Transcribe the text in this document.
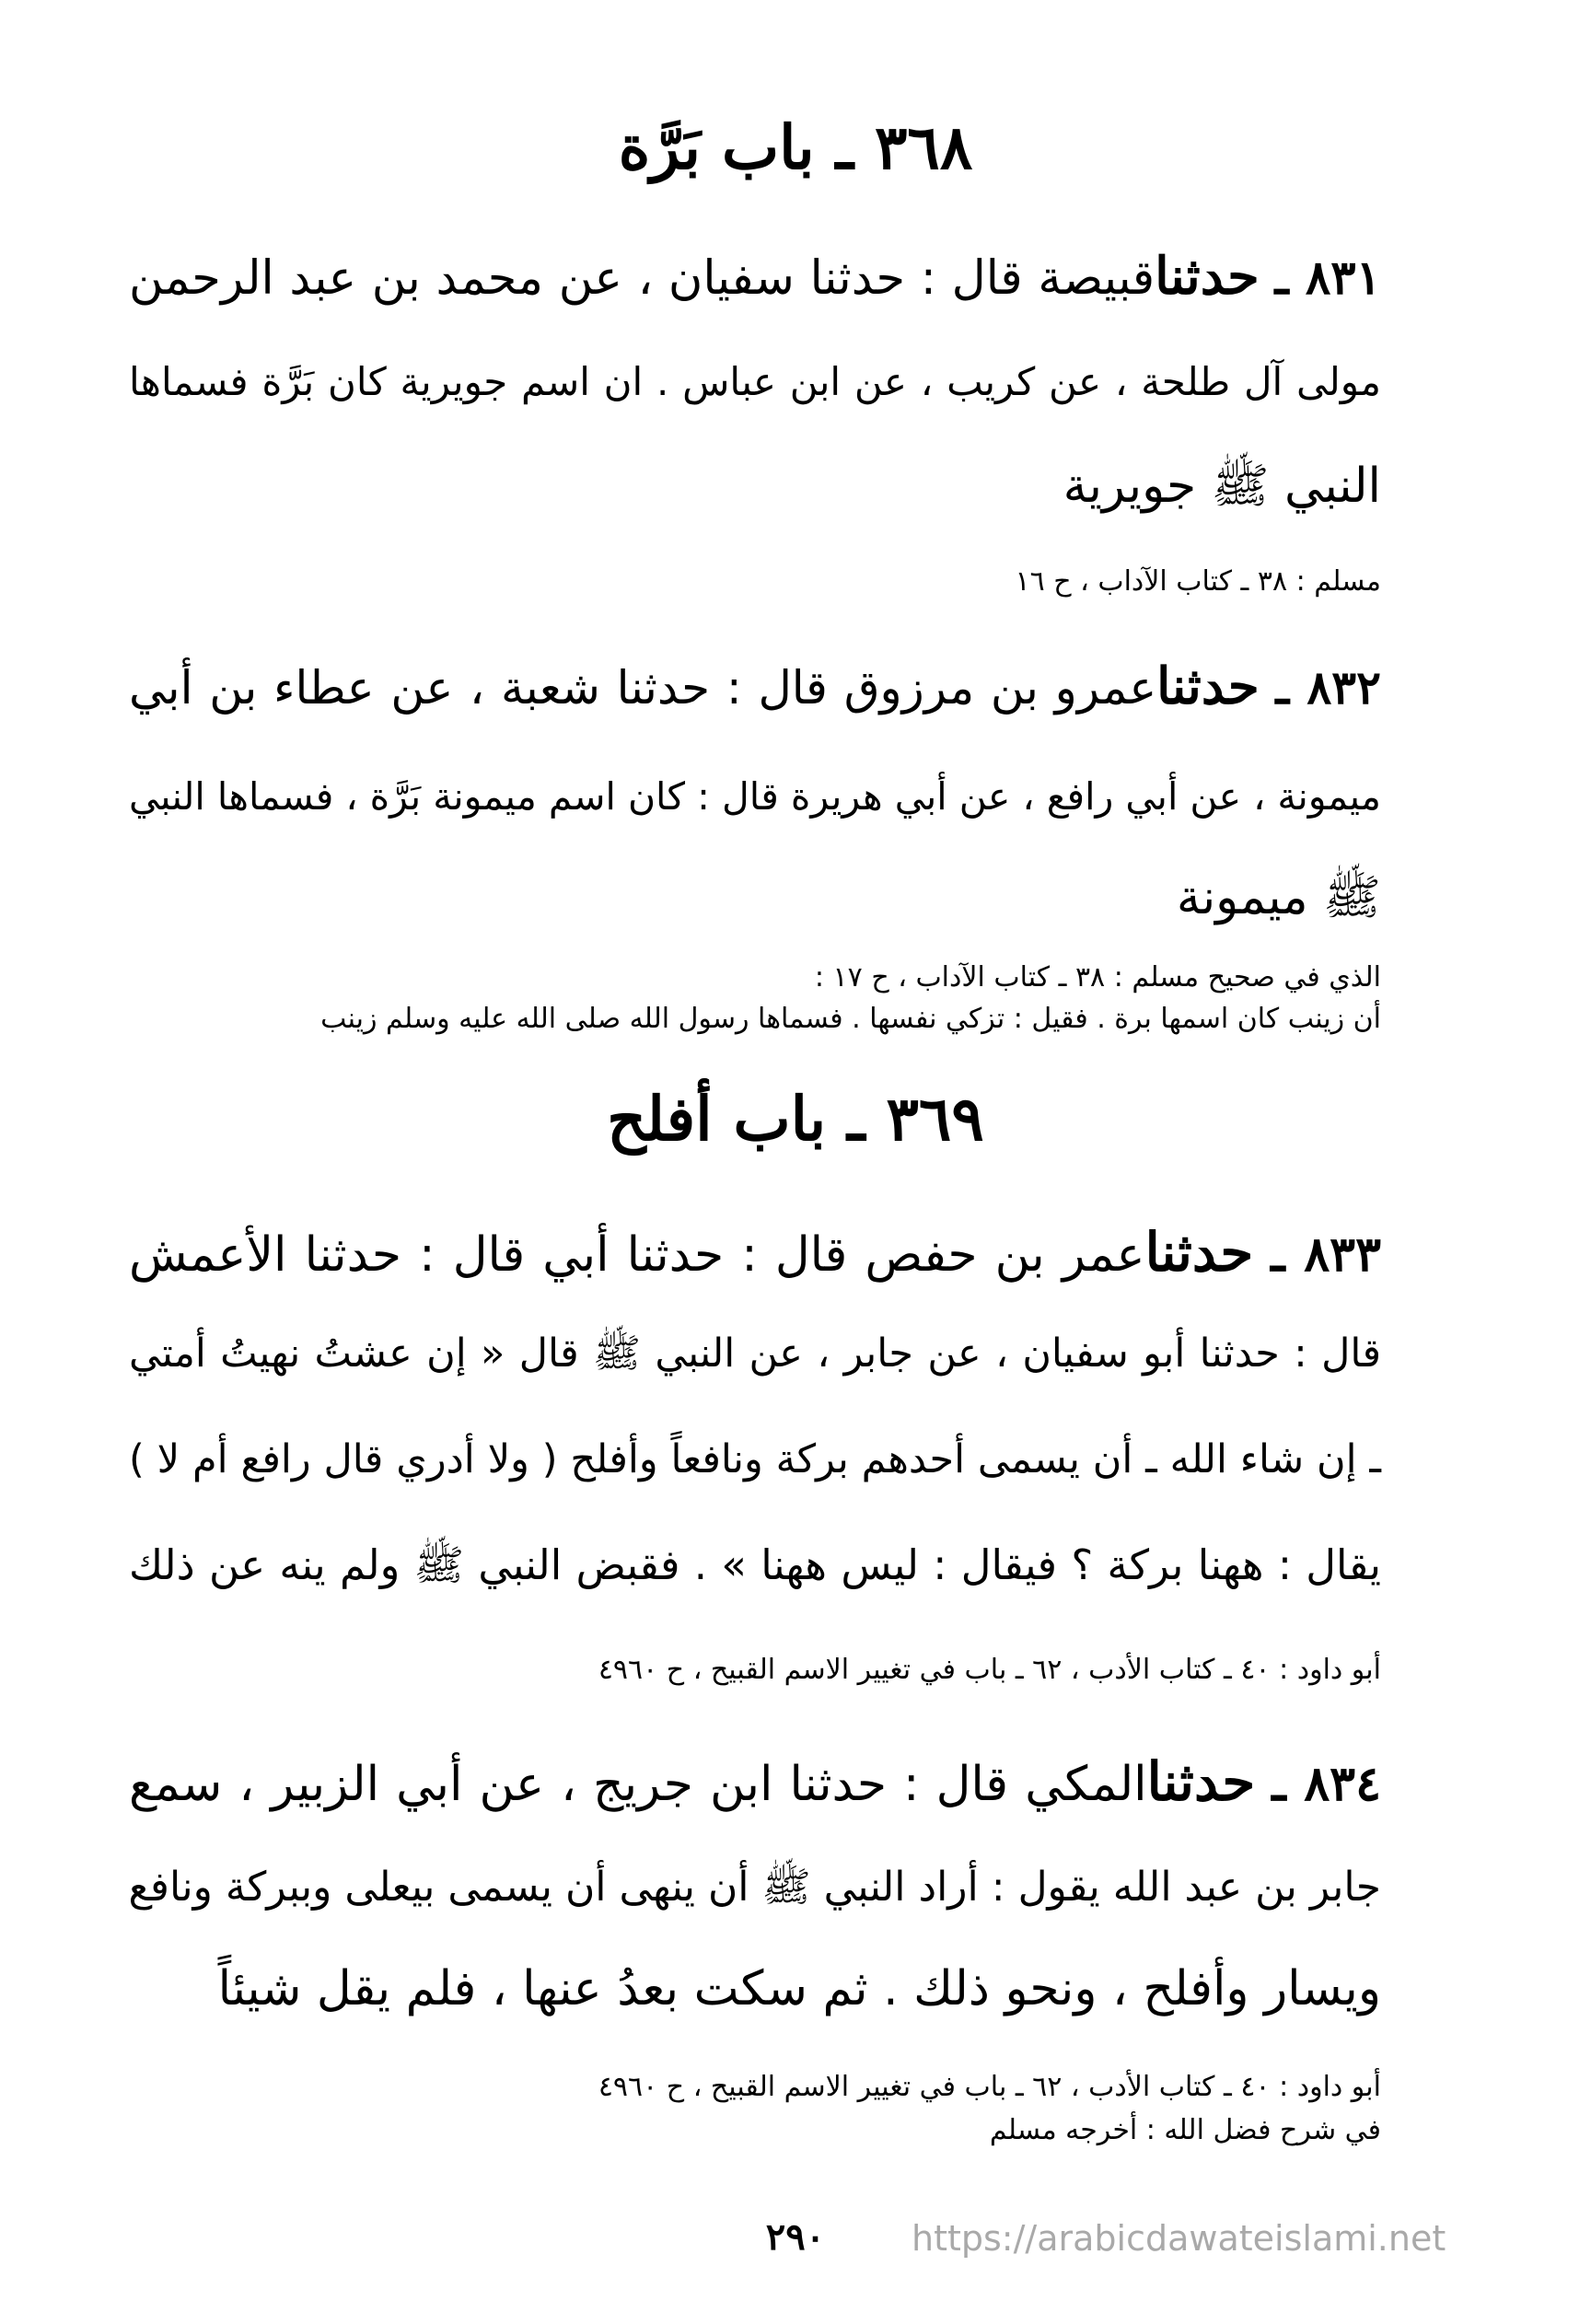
٣٦٨ ـ باب بَرَّة
٨٣١ ـ حدثناقبيصة قال : حدثنا سفيان ، عن محمد بن عبد الرحمن
مولى آل طلحة ، عن كريب ، عن ابن عباس . ان اسم جويرية كان بَرَّة فسماها
النبي ﷺ جويرية
مسلم : ٣٨ ـ كتاب الآداب ، ح ١٦
٨٣٢ ـ حدثناعمرو بن مرزوق قال : حدثنا شعبة ، عن عطاء بن أبي
ميمونة ، عن أبي رافع ، عن أبي هريرة قال : كان اسم ميمونة بَرَّة ، فسماها النبي
ﷺ ميمونة
الذي في صحيح مسلم : ٣٨ ـ كتاب الآداب ، ح ١٧ :
أن زينب كان اسمها برة . فقيل : تزكي نفسها . فسماها رسول الله صلى الله عليه وسلم زينب
٣٦٩ ـ باب أفلح
٨٣٣ ـ حدثناعمر بن حفص قال : حدثنا أبي قال : حدثنا الأعمش
قال : حدثنا أبو سفيان ، عن جابر ، عن النبي ﷺ قال « إن عشتُ نهيتُ أمتي
ـ إن شاء الله ـ أن يسمى أحدهم بركة ونافعاً وأفلح ( ولا أدري قال رافع أم لا )
يقال : ههنا بركة ؟ فيقال : ليس ههنا » . فقبض النبي ﷺ ولم ينه عن ذلك
أبو داود : ٤٠ ـ كتاب الأدب ، ٦٢ ـ باب في تغيير الاسم القبيح ، ح ٤٩٦٠
٨٣٤ ـ حدثناالمكي قال : حدثنا ابن جريج ، عن أبي الزبير ، سمع
جابر بن عبد الله يقول : أراد النبي ﷺ أن ينهى أن يسمى بيعلى وببركة ونافع
ويسار وأفلح ، ونحو ذلك . ثم سكت بعدُ عنها ، فلم يقل شيئاً
أبو داود : ٤٠ ـ كتاب الأدب ، ٦٢ ـ باب في تغيير الاسم القبيح ، ح ٤٩٦٠
في شرح فضل الله : أخرجه مسلم
٢٩٠	https://arabicdawateislami.net
